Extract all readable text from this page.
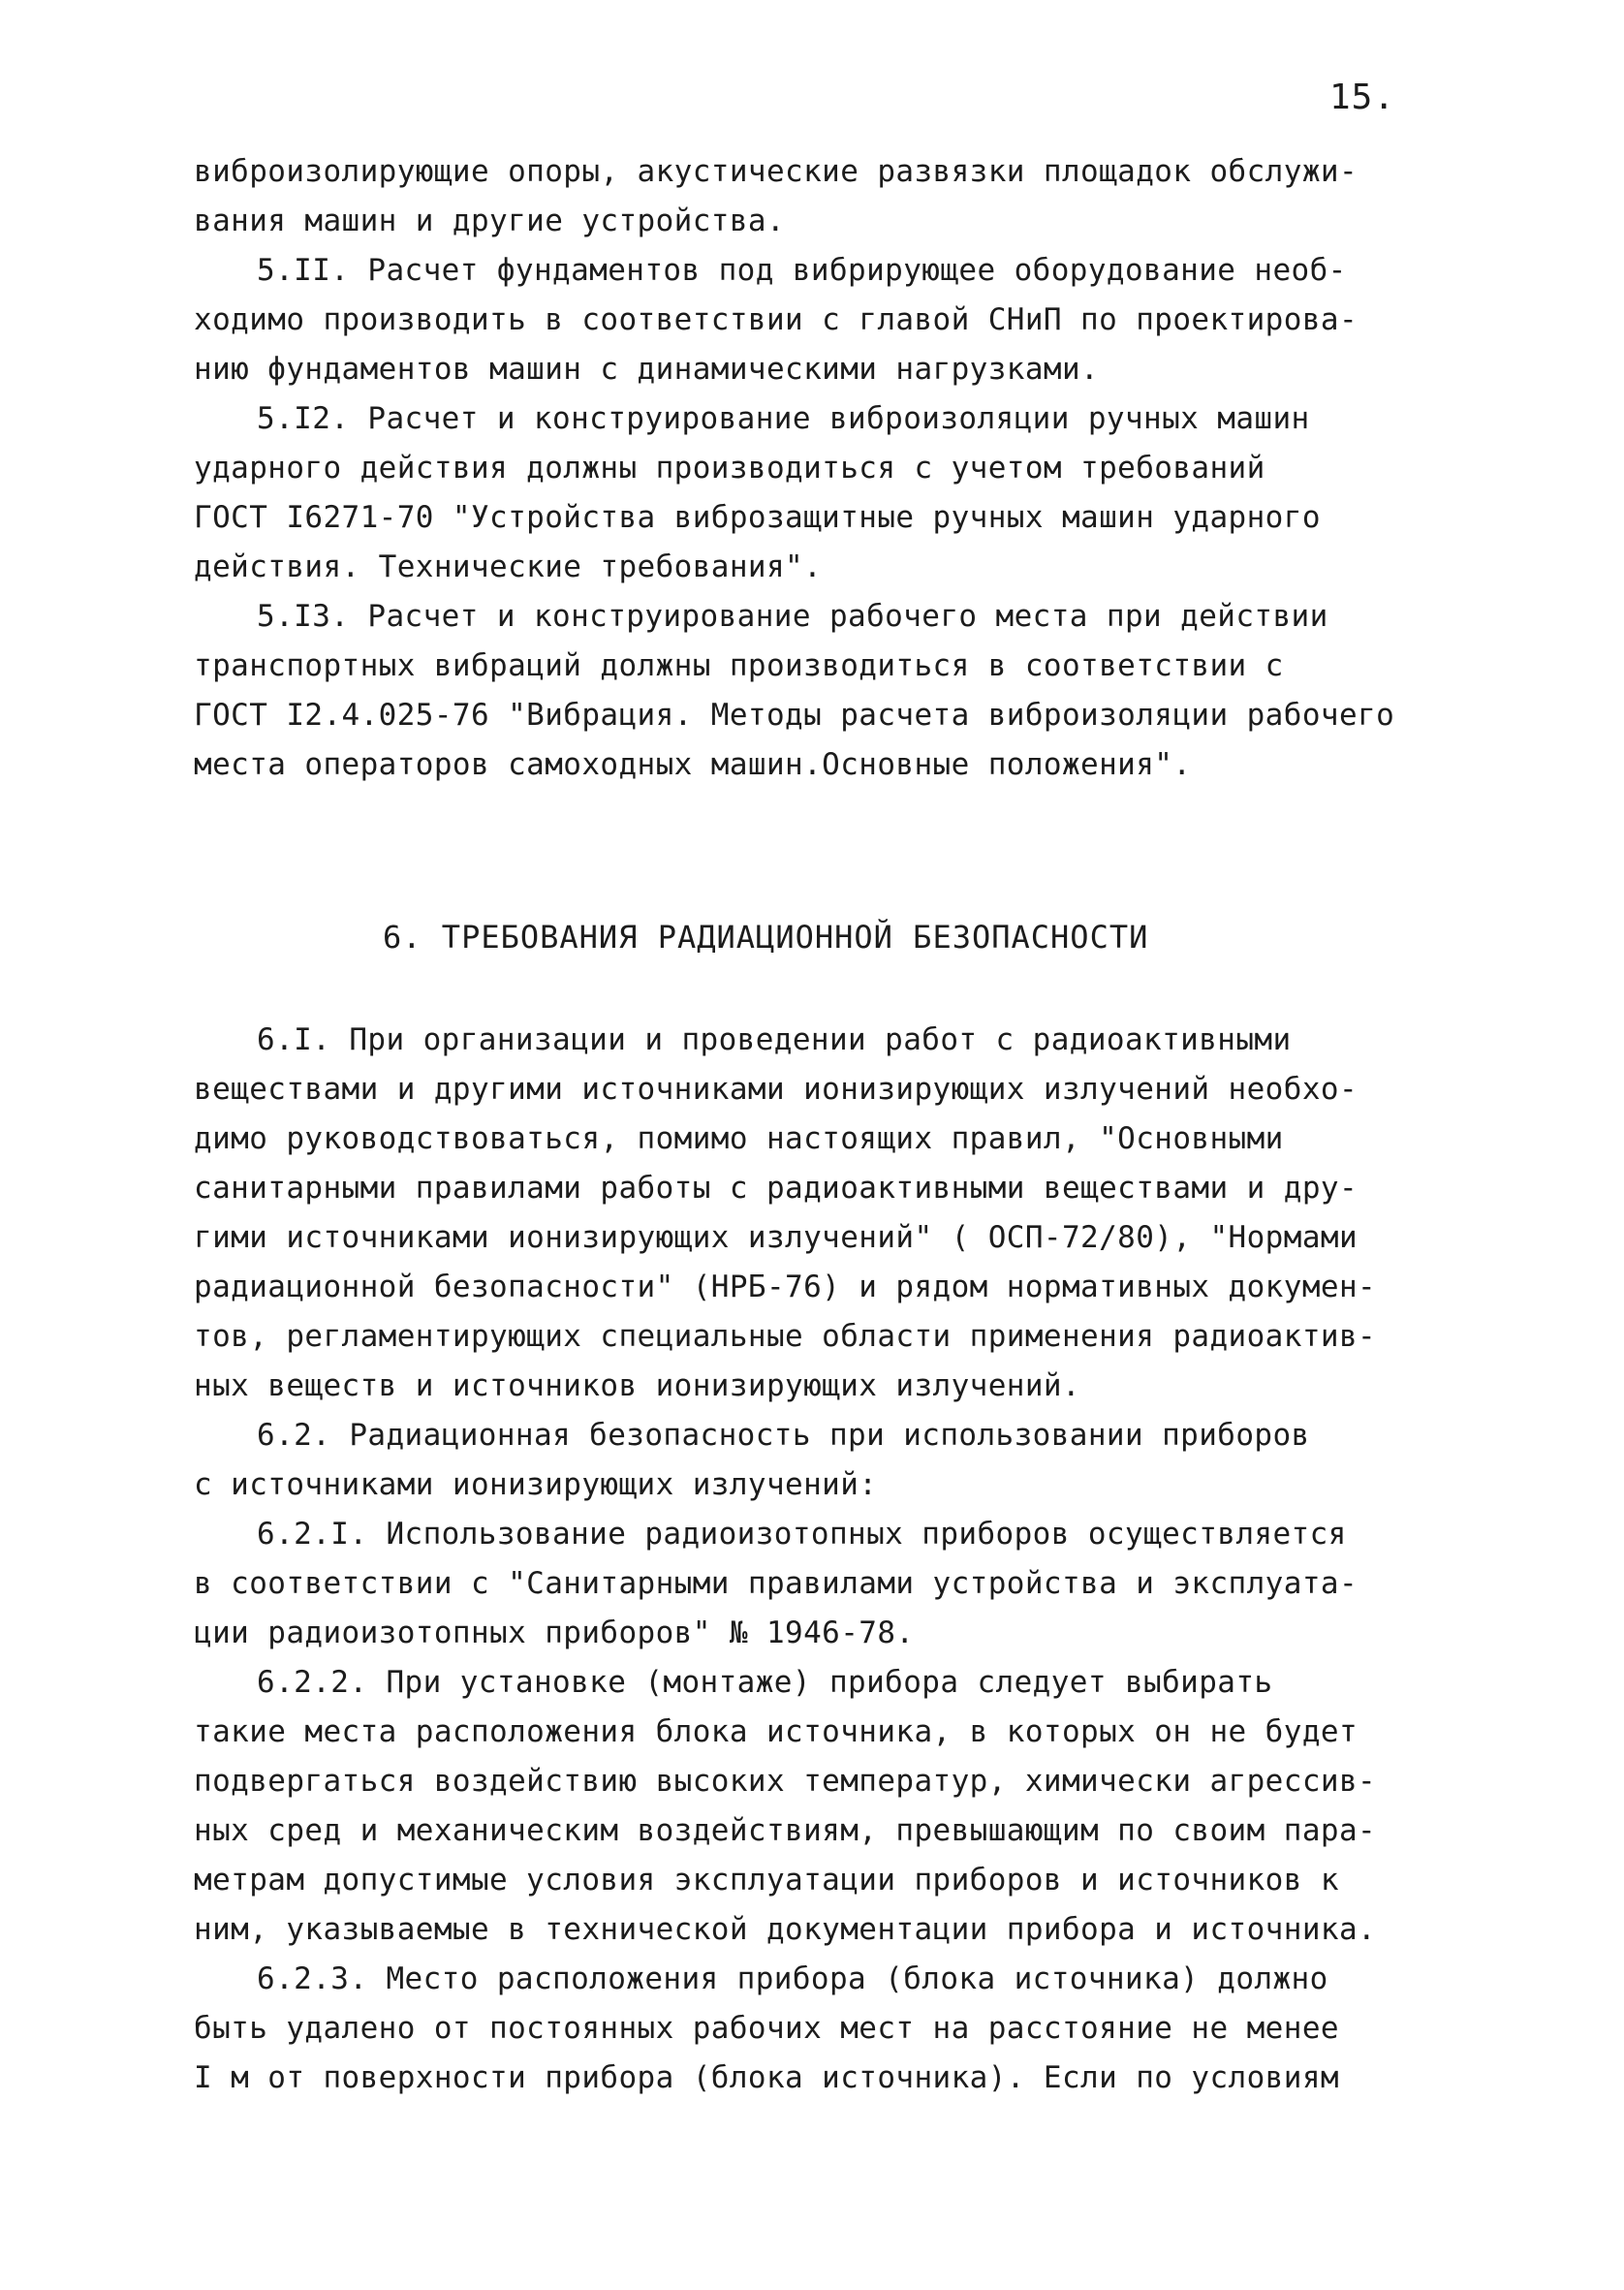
15.
виброизолирующие опоры, акустические развязки площадок обслужи-
вания машин и другие устройства.
5.II. Расчет фундаментов под вибрирующее оборудование необ-
ходимо производить в соответствии с главой СНиП по проектирова-
нию фундаментов машин с динамическими нагрузками.
5.I2. Расчет и конструирование виброизоляции ручных машин
ударного действия должны производиться с учетом требований
ГОСТ I6271-70 "Устройства виброзащитные ручных машин ударного
действия. Технические требования".
5.I3. Расчет и конструирование рабочего места при действии
транспортных вибраций должны производиться в соответствии с
ГОСТ I2.4.025-76 "Вибрация. Методы расчета виброизоляции рабочего
места операторов самоходных машин.Основные положения".
6. ТРЕБОВАНИЯ РАДИАЦИОННОЙ БЕЗОПАСНОСТИ
6.I. При организации и проведении работ с радиоактивными
веществами и другими источниками ионизирующих излучений необхо-
димо руководствоваться, помимо настоящих правил, "Основными
санитарными правилами работы с радиоактивными веществами и дру-
гими источниками ионизирующих излучений" ( ОСП-72/80), "Нормами
радиационной безопасности" (НРБ-76) и рядом нормативных докумен-
тов, регламентирующих специальные области применения радиоактив-
ных веществ и источников ионизирующих излучений.
6.2. Радиационная безопасность при использовании приборов
с источниками ионизирующих излучений:
6.2.I. Использование радиоизотопных приборов осуществляется
в соответствии с "Санитарными правилами устройства и эксплуата-
ции радиоизотопных приборов" № 1946-78.
6.2.2. При установке (монтаже) прибора следует выбирать
такие места расположения блока источника, в которых он не будет
подвергаться воздействию высоких температур, химически агрессив-
ных сред и механическим воздействиям, превышающим по своим пара-
метрам допустимые условия эксплуатации приборов и источников к
ним, указываемые в технической документации прибора и источника.
6.2.3. Место расположения прибора (блока источника) должно
быть удалено от постоянных рабочих мест на расстояние не менее
I м от поверхности прибора (блока источника). Если по условиям
